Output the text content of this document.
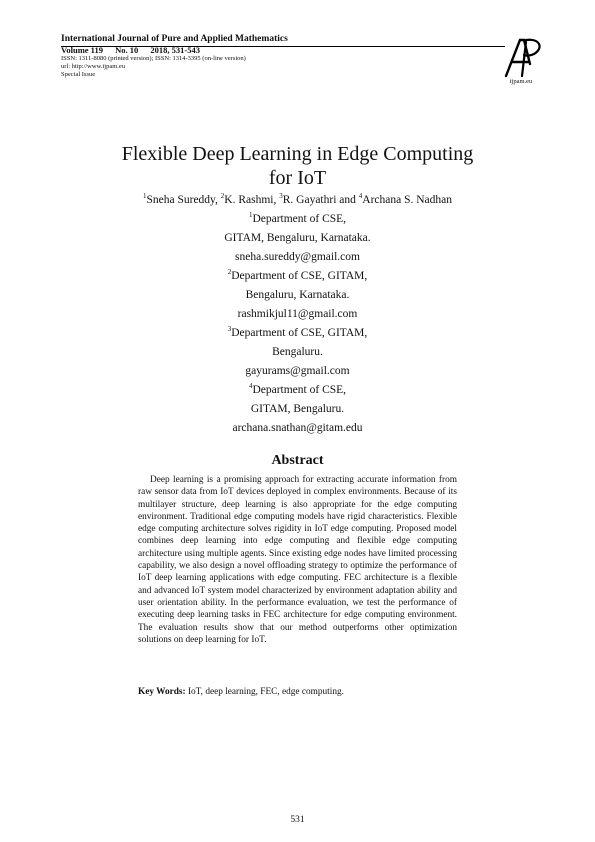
International Journal of Pure and Applied Mathematics
Volume 119 No. 10 2018, 531-543
ISSN: 1311-8080 (printed version); ISSN: 1314-3395 (on-line version)
url: http://www.ijpam.eu
Special Issue
ijpam.eu
Flexible Deep Learning in Edge Computing
for IoT
$^1$Sneha Sureddy, $^2$K. Rashmi, $^3$R. Gayathri and $^4$Archana S. Nadhan
$^1$Department of CSE,
GITAM, Bengaluru, Karnataka.
sneha.sureddy@gmail.com
$^2$Department of CSE, GITAM,
Bengaluru, Karnataka.
rashmikjul11@gmail.com
$^3$Department of CSE, GITAM,
Bengaluru.
gayurams@gmail.com
$^4$Department of CSE,
GITAM, Bengaluru.
archana.snathan@gitam.edu
Abstract

Deep learning is a promising approach for extracting accurate information from raw sensor data from IoT devices deployed in complex environments. Because of its multilayer structure, deep learning is also appropriate for the edge computing environment. Traditional edge computing models have rigid characteristics. Flexible edge computing architecture solves rigidity in IoT edge computing. Proposed model combines deep learning into edge computing and flexible edge computing architecture using multiple agents. Since existing edge nodes have limited processing capability, we also design a novel offloading strategy to optimize the performance of IoT deep learning applications with edge computing. FEC architecture is a flexible and advanced IoT system model characterized by environment adaptation ability and user orientation ability. In the performance evaluation, we test the performance of executing deep learning tasks in FEC architecture for edge computing environment. The evaluation results show that our method outperforms other optimization solutions on deep learning for IoT.

Key Words: IoT, deep learning, FEC, edge computing.
531
